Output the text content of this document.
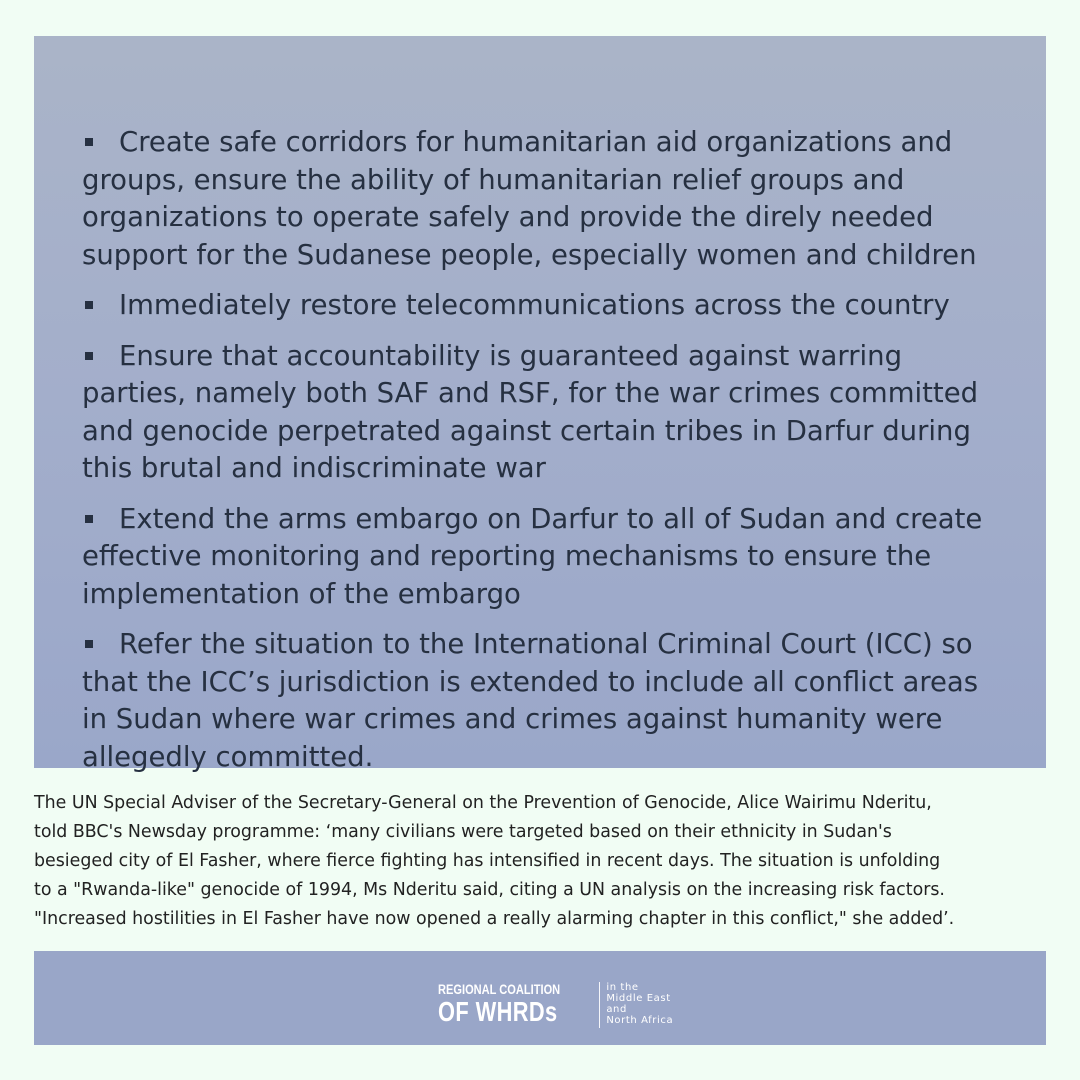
Create safe corridors for humanitarian aid organizations and
groups, ensure the ability of humanitarian relief groups and
organizations to operate safely and provide the direly needed
support for the Sudanese people, especially women and children
Immediately restore telecommunications across the country
Ensure that accountability is guaranteed against warring
parties, namely both SAF and RSF, for the war crimes committed
and genocide perpetrated against certain tribes in Darfur during
this brutal and indiscriminate war
Extend the arms embargo on Darfur to all of Sudan and create
effective monitoring and reporting mechanisms to ensure the
implementation of the embargo
Refer the situation to the International Criminal Court (ICC) so
that the ICC’s jurisdiction is extended to include all conflict areas
in Sudan where war crimes and crimes against humanity were
allegedly committed.

The UN Special Adviser of the Secretary-General on the Prevention of Genocide, Alice Wairimu Nderitu,
told BBC's Newsday programme: ‘many civilians were targeted based on their ethnicity in Sudan's
besieged city of El Fasher, where fierce fighting has intensified in recent days. The situation is unfolding
to a "Rwanda-like" genocide of 1994, Ms Nderitu said, citing a UN analysis on the increasing risk factors.
"Increased hostilities in El Fasher have now opened a really alarming chapter in this conflict," she added’.

REGIONAL COALITION
OF WHRDs
in the
Middle East
and
North Africa
